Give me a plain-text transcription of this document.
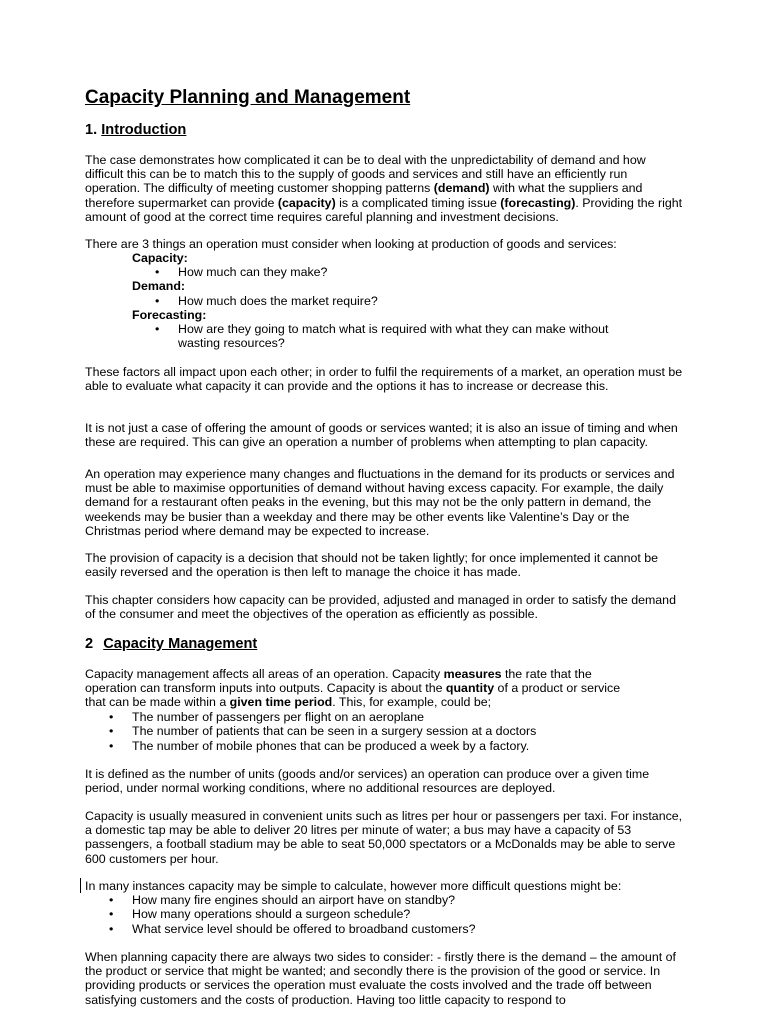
Capacity Planning and Management
1. Introduction

The case demonstrates how complicated it can be to deal with the unpredictability of demand and how difficult this can be to match this to the supply of goods and services and still have an efficiently run operation. The difficulty of meeting customer shopping patterns (demand) with what the suppliers and therefore supermarket can provide (capacity) is a complicated timing issue (forecasting). Providing the right amount of good at the correct time requires careful planning and investment decisions.

There are 3 things an operation must consider when looking at production of goods and services:

Capacity:
• How much can they make?
Demand:
• How much does the market require?
Forecasting:
• How are they going to match what is required with what they can make without wasting resources?

These factors all impact upon each other; in order to fulfil the requirements of a market, an operation must be able to evaluate what capacity it can provide and the options it has to increase or decrease this.

It is not just a case of offering the amount of goods or services wanted; it is also an issue of timing and when these are required. This can give an operation a number of problems when attempting to plan capacity.

An operation may experience many changes and fluctuations in the demand for its products or services and must be able to maximise opportunities of demand without having excess capacity. For example, the daily demand for a restaurant often peaks in the evening, but this may not be the only pattern in demand, the weekends may be busier than a weekday and there may be other events like Valentine’s Day or the Christmas period where demand may be expected to increase.

The provision of capacity is a decision that should not be taken lightly; for once implemented it cannot be easily reversed and the operation is then left to manage the choice it has made.

This chapter considers how capacity can be provided, adjusted and managed in order to satisfy the demand of the consumer and meet the objectives of the operation as efficiently as possible.

2 Capacity Management

Capacity management affects all areas of an operation. Capacity measures the rate that the operation can transform inputs into outputs. Capacity is about the quantity of a product or service that can be made within a given time period. This, for example, could be;

• The number of passengers per flight on an aeroplane
• The number of patients that can be seen in a surgery session at a doctors
• The number of mobile phones that can be produced a week by a factory.

It is defined as the number of units (goods and/or services) an operation can produce over a given time period, under normal working conditions, where no additional resources are deployed.

Capacity is usually measured in convenient units such as litres per hour or passengers per taxi. For instance, a domestic tap may be able to deliver 20 litres per minute of water; a bus may have a capacity of 53 passengers, a football stadium may be able to seat 50,000 spectators or a McDonalds may be able to serve 600 customers per hour.

In many instances capacity may be simple to calculate, however more difficult questions might be:

• How many fire engines should an airport have on standby?
• How many operations should a surgeon schedule?
• What service level should be offered to broadband customers?

When planning capacity there are always two sides to consider: - firstly there is the demand – the amount of the product or service that might be wanted; and secondly there is the provision of the good or service. In providing products or services the operation must evaluate the costs involved and the trade off between satisfying customers and the costs of production. Having too little capacity to respond to
